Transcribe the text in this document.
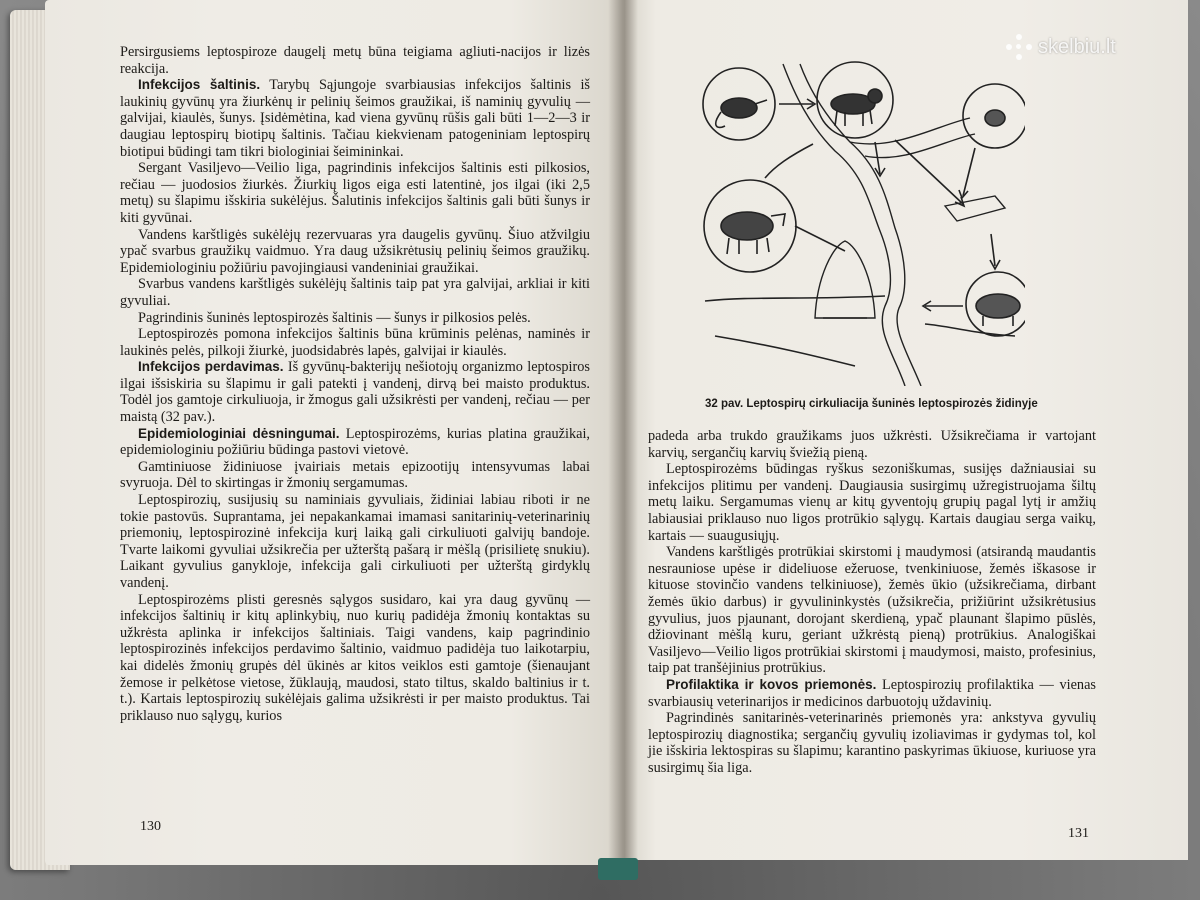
Persirgusiems leptospiroze daugelį metų būna teigiama agliuti-nacijos ir lizės reakcija.

Infekcijos šaltinis. Tarybų Sąjungoje svarbiausias infekcijos šaltinis iš laukinių gyvūnų yra žiurkėnų ir pelinių šeimos graužikai, iš naminių gyvulių — galvijai, kiaulės, šunys. Įsidėmėtina, kad viena gyvūnų rūšis gali būti 1—2—3 ir daugiau leptospirų biotipų šaltinis. Tačiau kiekvienam patogeniniam leptospirų biotipui būdingi tam tikri biologiniai šeimininkai.

Sergant Vasiljevo—Veilio liga, pagrindinis infekcijos šaltinis esti pilkosios, rečiau — juodosios žiurkės. Žiurkių ligos eiga esti latentinė, jos ilgai (iki 2,5 metų) su šlapimu išskiria sukėlėjus. Šalutinis infekcijos šaltinis gali būti šunys ir kiti gyvūnai.

Vandens karštligės sukėlėjų rezervuaras yra daugelis gyvūnų. Šiuo atžvilgiu ypač svarbus graužikų vaidmuo. Yra daug užsikrėtusių pelinių šeimos graužikų. Epidemiologiniu požiūriu pavojingiausi vandeniniai graužikai.

Svarbus vandens karštligės sukėlėjų šaltinis taip pat yra galvijai, arkliai ir kiti gyvuliai.

Pagrindinis šuninės leptospirozės šaltinis — šunys ir pilkosios pelės.

Leptospirozės pomona infekcijos šaltinis būna krūminis pelėnas, naminės ir laukinės pelės, pilkoji žiurkė, juodsidabrės lapės, galvijai ir kiaulės.

Infekcijos perdavimas. Iš gyvūnų-bakterijų nešiotojų organizmo leptospiros ilgai išsiskiria su šlapimu ir gali patekti į vandenį, dirvą bei maisto produktus. Todėl jos gamtoje cirkuliuoja, ir žmogus gali užsikrėsti per vandenį, rečiau — per maistą (32 pav.).

Epidemiologiniai dėsningumai. Leptospirozėms, kurias platina graužikai, epidemiologiniu požiūriu būdinga pastovi vietovė.

Gamtiniuose židiniuose įvairiais metais epizootijų intensyvumas labai svyruoja. Dėl to skirtingas ir žmonių sergamumas.

Leptospirozių, susijusių su naminiais gyvuliais, židiniai labiau riboti ir ne tokie pastovūs. Suprantama, jei nepakankamai imamasi sanitarinių-veterinarinių priemonių, leptospirozinė infekcija kurį laiką gali cirkuliuoti galvijų bandoje. Tvarte laikomi gyvuliai užsikrečia per užterštą pašarą ir mėšlą (prisilietę snukiu). Laikant gyvulius ganykloje, infekcija gali cirkuliuoti per užterštą girdyklų vandenį.

Leptospirozėms plisti geresnės sąlygos susidaro, kai yra daug gyvūnų — infekcijos šaltinių ir kitų aplinkybių, nuo kurių padidėja žmonių kontaktas su užkrėsta aplinka ir infekcijos šaltiniais. Taigi vandens, kaip pagrindinio leptospirozinės infekcijos perdavimo šaltinio, vaidmuo padidėja tuo laikotarpiu, kai didelės žmonių grupės dėl ūkinės ar kitos veiklos esti gamtoje (šienaujant žemose ir pelkėtose vietose, žūklaują, maudosi, stato tiltus, skaldo baltinius ir t. t.). Kartais leptospirozių sukėlėjais galima užsikrėsti ir per maisto produktus. Tai priklauso nuo sąlygų, kurios

130
32 pav. Leptospirų cirkuliacija šuninės leptospirozės židinyje

padeda arba trukdo graužikams juos užkrėsti. Užsikrečiama ir vartojant karvių, sergančių karvių šviežią pieną.

Leptospirozėms būdingas ryškus sezoniškumas, susijęs dažniausiai su infekcijos plitimu per vandenį. Daugiausia susirgimų užregistruojama šiltų metų laiku. Sergamumas vienų ar kitų gyventojų grupių pagal lytį ir amžių labiausiai priklauso nuo ligos protrūkio sąlygų. Kartais daugiau serga vaikų, kartais — suaugusiųjų.

Vandens karštligės protrūkiai skirstomi į maudymosi (atsirandą maudantis nesrauniose upėse ir dideliuose ežeruose, tvenkiniuose, žemės iškasose ir kituose stovinčio vandens telkiniuose), žemės ūkio (užsikrečiama, dirbant žemės ūkio darbus) ir gyvulininkystės (užsikrečia, prižiūrint užsikrėtusius gyvulius, juos pjaunant, dorojant skerdieną, ypač plaunant šlapimo pūslės, džiovinant mėšlą kuru, geriant užkrėstą pieną) protrūkius. Analogiškai Vasiljevo—Veilio ligos protrūkiai skirstomi į maudymosi, maisto, profesinius, taip pat tranšėjinius protrūkius.

Profilaktika ir kovos priemonės. Leptospirozių profilaktika — vienas svarbiausių veterinarijos ir medicinos darbuotojų uždavinių.

Pagrindinės sanitarinės-veterinarinės priemonės yra: ankstyva gyvulių leptospirozių diagnostika; sergančių gyvulių izoliavimas ir gydymas tol, kol jie išskiria lektospiras su šlapimu; karantino paskyrimas ūkiuose, kuriuose yra susirgimų šia liga.

131
skelbiu.lt
